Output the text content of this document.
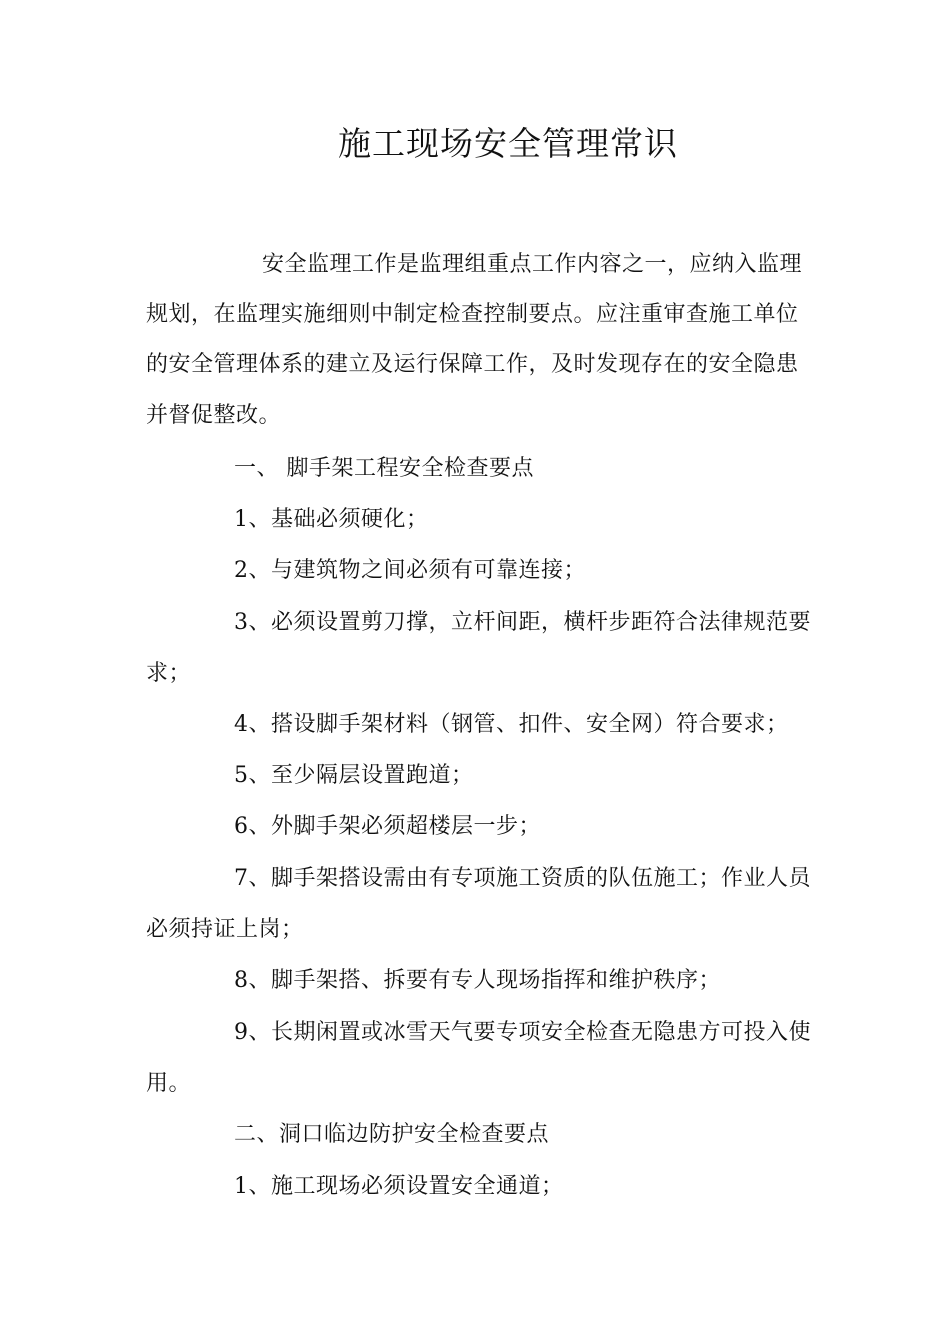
施工现场安全管理常识
安全监理工作是监理组重点工作内容之一，应纳入监理
规划，在监理实施细则中制定检查控制要点。应注重审查施工单位
的安全管理体系的建立及运行保障工作，及时发现存在的安全隐患
并督促整改。
一、 脚手架工程安全检查要点
1、基础必须硬化；
2、与建筑物之间必须有可靠连接；
3、必须设置剪刀撑，立杆间距，横杆步距符合法律规范要
求；
4、搭设脚手架材料（钢管、扣件、安全网）符合要求；
5、至少隔层设置跑道；
6、外脚手架必须超楼层一步；
7、脚手架搭设需由有专项施工资质的队伍施工；作业人员
必须持证上岗；
8、脚手架搭、拆要有专人现场指挥和维护秩序；
9、长期闲置或冰雪天气要专项安全检查无隐患方可投入使
用。
二、洞口临边防护安全检查要点
1、施工现场必须设置安全通道；
